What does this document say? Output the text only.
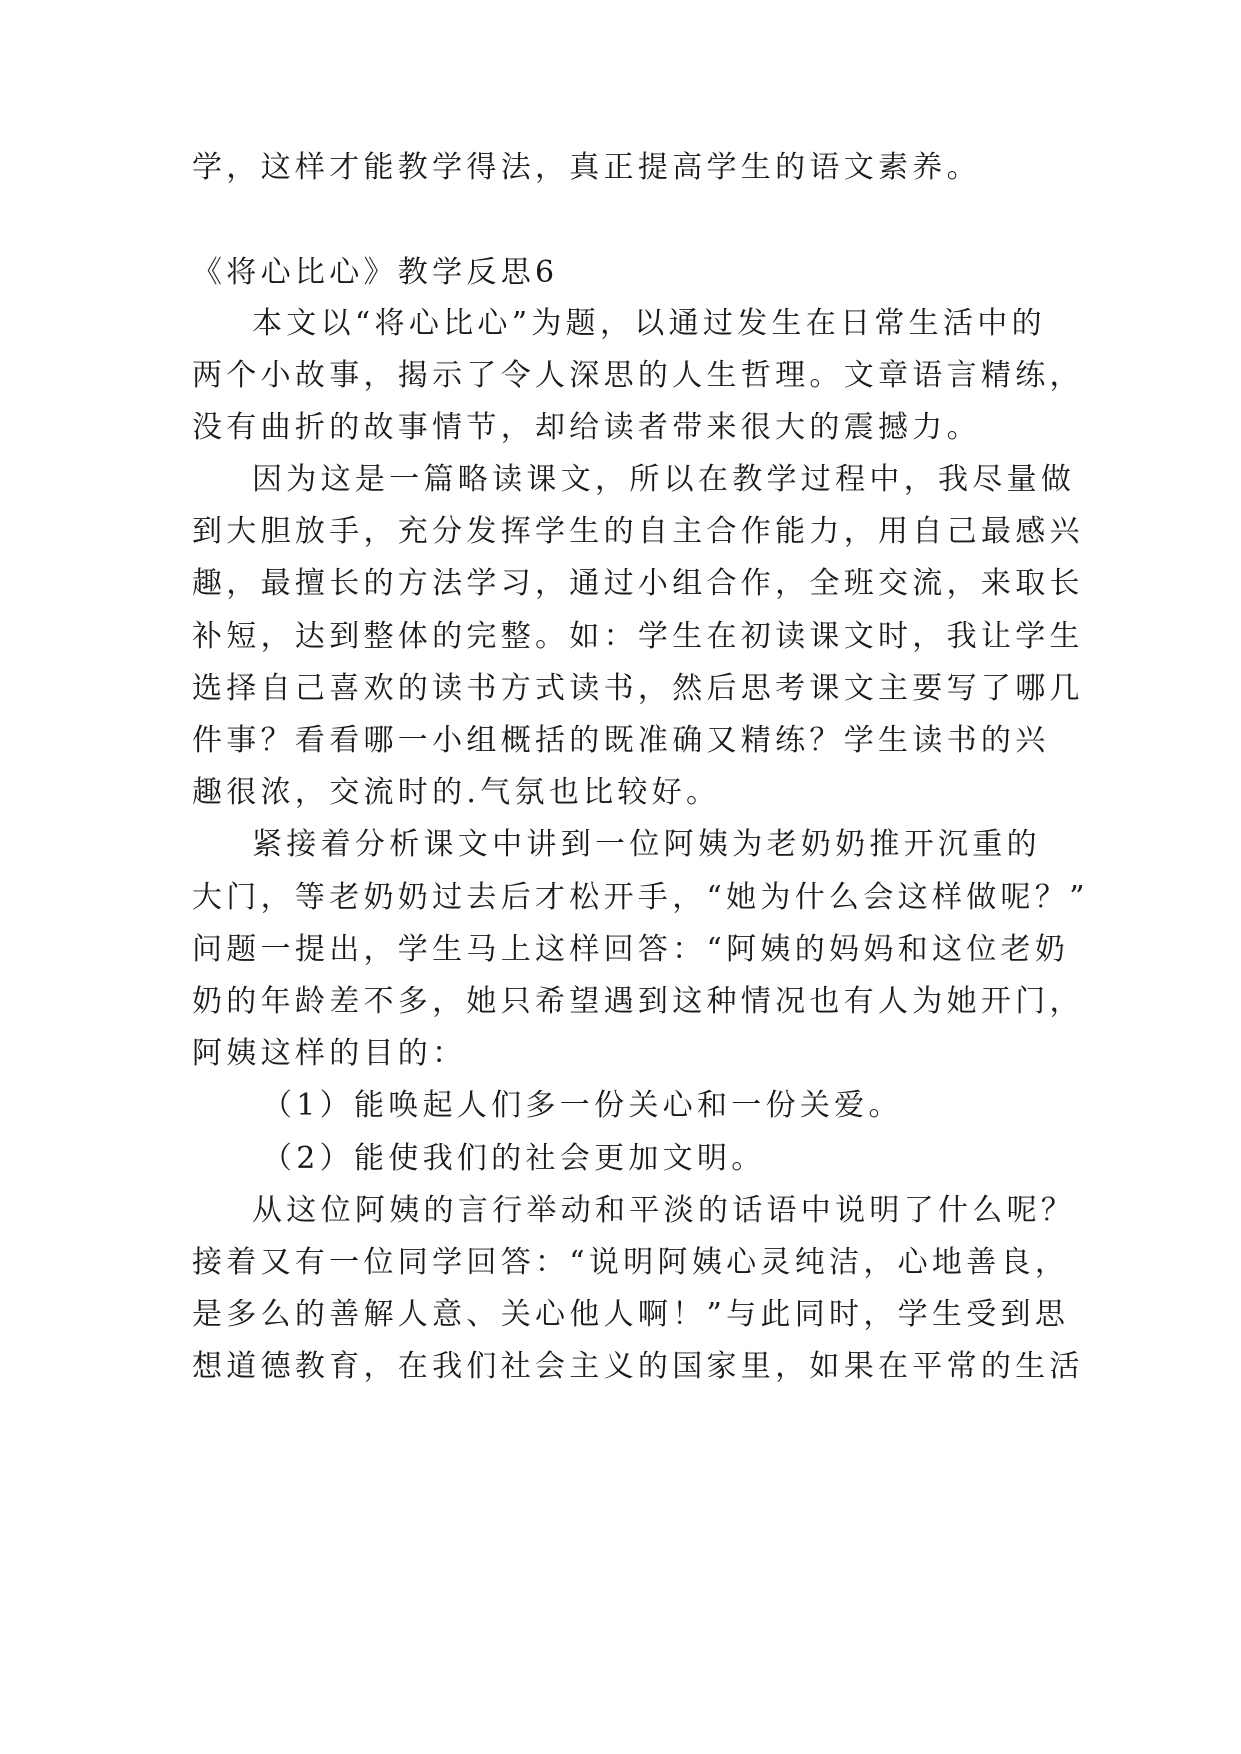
学，这样才能教学得法，真正提高学生的语文素养。
《将心比心》教学反思6
本文以“将心比心”为题，以通过发生在日常生活中的
两个小故事，揭示了令人深思的人生哲理。文章语言精练，
没有曲折的故事情节，却给读者带来很大的震撼力。
因为这是一篇略读课文，所以在教学过程中，我尽量做
到大胆放手，充分发挥学生的自主合作能力，用自己最感兴
趣，最擅长的方法学习，通过小组合作，全班交流，来取长
补短，达到整体的完整。如：学生在初读课文时，我让学生
选择自己喜欢的读书方式读书，然后思考课文主要写了哪几
件事？看看哪一小组概括的既准确又精练？学生读书的兴
趣很浓，交流时的.气氛也比较好。
紧接着分析课文中讲到一位阿姨为老奶奶推开沉重的
大门，等老奶奶过去后才松开手，“她为什么会这样做呢？”
问题一提出，学生马上这样回答：“阿姨的妈妈和这位老奶
奶的年龄差不多，她只希望遇到这种情况也有人为她开门，
阿姨这样的目的：
（1）能唤起人们多一份关心和一份关爱。
（2）能使我们的社会更加文明。
从这位阿姨的言行举动和平淡的话语中说明了什么呢？
接着又有一位同学回答：“说明阿姨心灵纯洁，心地善良，
是多么的善解人意、关心他人啊！”与此同时，学生受到思
想道德教育，在我们社会主义的国家里，如果在平常的生活
